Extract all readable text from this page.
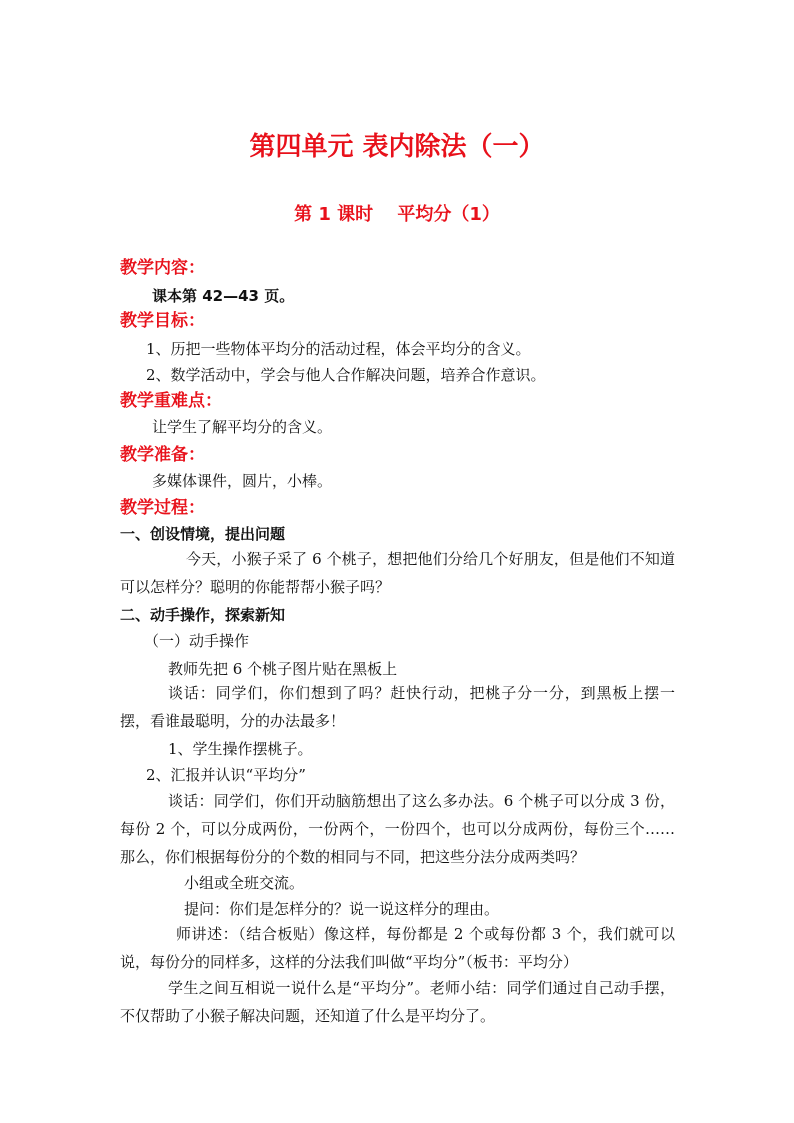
第四单元 表内除法（一）
第 1 课时　 平均分（1）
教学内容：
课本第 42—43 页。
教学目标：
1、历把一些物体平均分的活动过程，体会平均分的含义。
2、数学活动中，学会与他人合作解决问题，培养合作意识。
教学重难点：
让学生了解平均分的含义。
教学准备：
多媒体课件，圆片，小棒。
教学过程：
一、创设情境，提出问题
今天，小猴子采了 6 个桃子，想把他们分给几个好朋友，但是他们不知道可以怎样分？聪明的你能帮帮小猴子吗？
二、动手操作，探索新知
（一）动手操作
教师先把 6 个桃子图片贴在黑板上
谈话：同学们，你们想到了吗？赶快行动，把桃子分一分，到黑板上摆一摆，看谁最聪明，分的办法最多！
1、学生操作摆桃子。
2、汇报并认识“平均分”
谈话：同学们，你们开动脑筋想出了这么多办法。6 个桃子可以分成 3 份，每份 2 个，可以分成两份，一份两个，一份四个，也可以分成两份，每份三个……　那么，你们根据每份分的个数的相同与不同，把这些分法分成两类吗？
小组或全班交流。
提问：你们是怎样分的？说一说这样分的理由。
师讲述：（结合板贴）像这样，每份都是 2 个或每份都 3 个，我们就可以说，每份分的同样多，这样的分法我们叫做“平均分”（板书：平均分）
学生之间互相说一说什么是“平均分”。老师小结：同学们通过自己动手摆，不仅帮助了小猴子解决问题，还知道了什么是平均分了。
